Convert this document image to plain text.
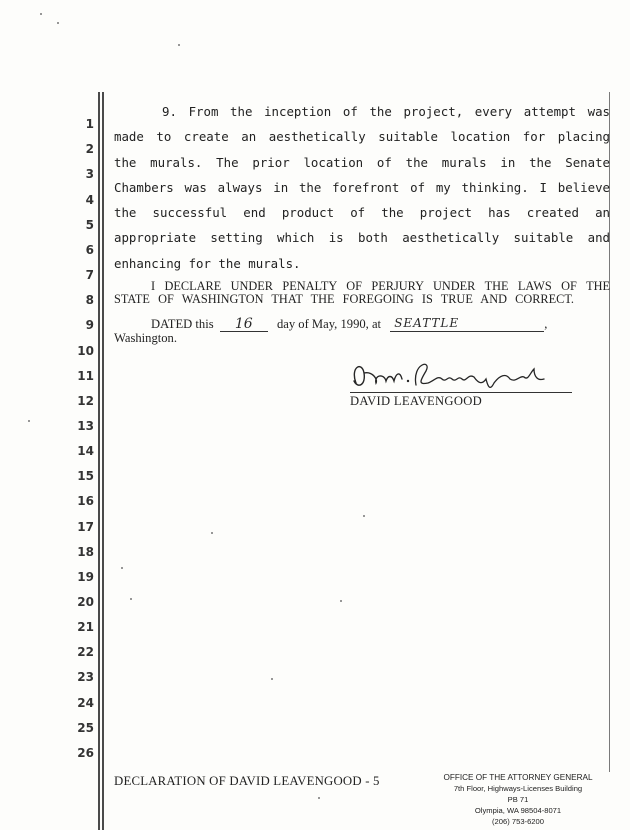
1
2
3
4
5
6
7
8
9
10
11
12
13
14
15
16
17
18
19
20
21
22
23
24
25
26
9. From the inception of the project, every attempt was
made to create an aesthetically suitable location for placing
the murals. The prior location of the murals in the Senate
Chambers was always in the forefront of my thinking. I believe
the successful end product of the project has created an
appropriate setting which is both aesthetically suitable and
enhancing for the murals.
I DECLARE UNDER PENALTY OF PERJURY UNDER THE LAWS OF THE
STATE OF WASHINGTON THAT THE FOREGOING IS TRUE AND CORRECT.
DATED this 16 day of May, 1990, at SEATTLE	,
Washington.
David Leavengood
DAVID LEAVENGOOD
DECLARATION OF DAVID LEAVENGOOD - 5	OFFICE OF THE ATTORNEY GENERAL
7th Floor, Highways-Licenses Building
PB 71
Olympia, WA 98504-8071
(206) 753-6200
